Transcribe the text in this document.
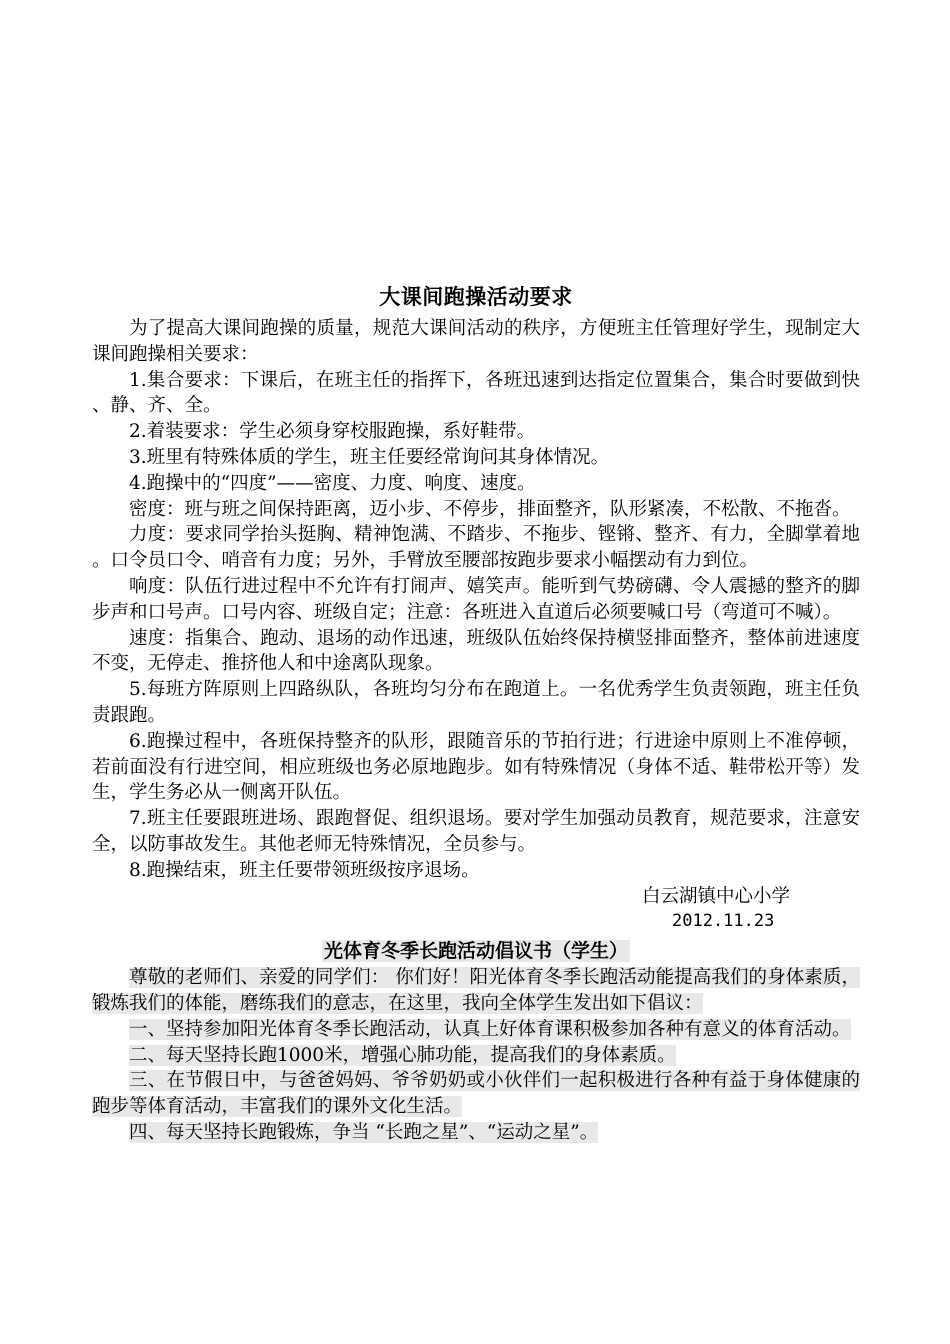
大课间跑操活动要求

为了提高大课间跑操的质量，规范大课间活动的秩序，方便班主任管理好学生，现制定大课间跑操相关要求：

1.集合要求：下课后，在班主任的指挥下，各班迅速到达指定位置集合，集合时要做到快、静、齐、全。

2.着装要求：学生必须身穿校服跑操，系好鞋带。

3.班里有特殊体质的学生，班主任要经常询问其身体情况。

4.跑操中的“四度”——密度、力度、响度、速度。

密度：班与班之间保持距离，迈小步、不停步，排面整齐，队形紧凑，不松散、不拖沓。

力度：要求同学抬头挺胸、精神饱满、不踏步、不拖步、铿锵、整齐、有力，全脚掌着地。口令员口令、哨音有力度；另外，手臂放至腰部按跑步要求小幅摆动有力到位。

响度：队伍行进过程中不允许有打闹声、嬉笑声。能听到气势磅礴、令人震撼的整齐的脚步声和口号声。口号内容、班级自定；注意：各班进入直道后必须要喊口号（弯道可不喊）。

速度：指集合、跑动、退场的动作迅速，班级队伍始终保持横竖排面整齐，整体前进速度不变，无停走、推挤他人和中途离队现象。

5.每班方阵原则上四路纵队，各班均匀分布在跑道上。一名优秀学生负责领跑，班主任负责跟跑。

6.跑操过程中，各班保持整齐的队形，跟随音乐的节拍行进；行进途中原则上不准停顿，若前面没有行进空间，相应班级也务必原地跑步。如有特殊情况（身体不适、鞋带松开等）发生，学生务必从一侧离开队伍。

7.班主任要跟班进场、跟跑督促、组织退场。要对学生加强动员教育，规范要求，注意安全，以防事故发生。其他老师无特殊情况，全员参与。

8.跑操结束，班主任要带领班级按序退场。

白云湖镇中心小学

2012.11.23

光体育冬季长跑活动倡议书（学生）

尊敬的老师们、亲爱的同学们： 你们好！阳光体育冬季长跑活动能提高我们的身体素质，锻炼我们的体能，磨练我们的意志，在这里，我向全体学生发出如下倡议：

一、坚持参加阳光体育冬季长跑活动，认真上好体育课积极参加各种有意义的体育活动。

二、每天坚持长跑1000米，增强心肺功能，提高我们的身体素质。

三、在节假日中，与爸爸妈妈、爷爷奶奶或小伙伴们一起积极进行各种有益于身体健康的跑步等体育活动，丰富我们的课外文化生活。

四、每天坚持长跑锻炼，争当 “长跑之星”、“运动之星”。
